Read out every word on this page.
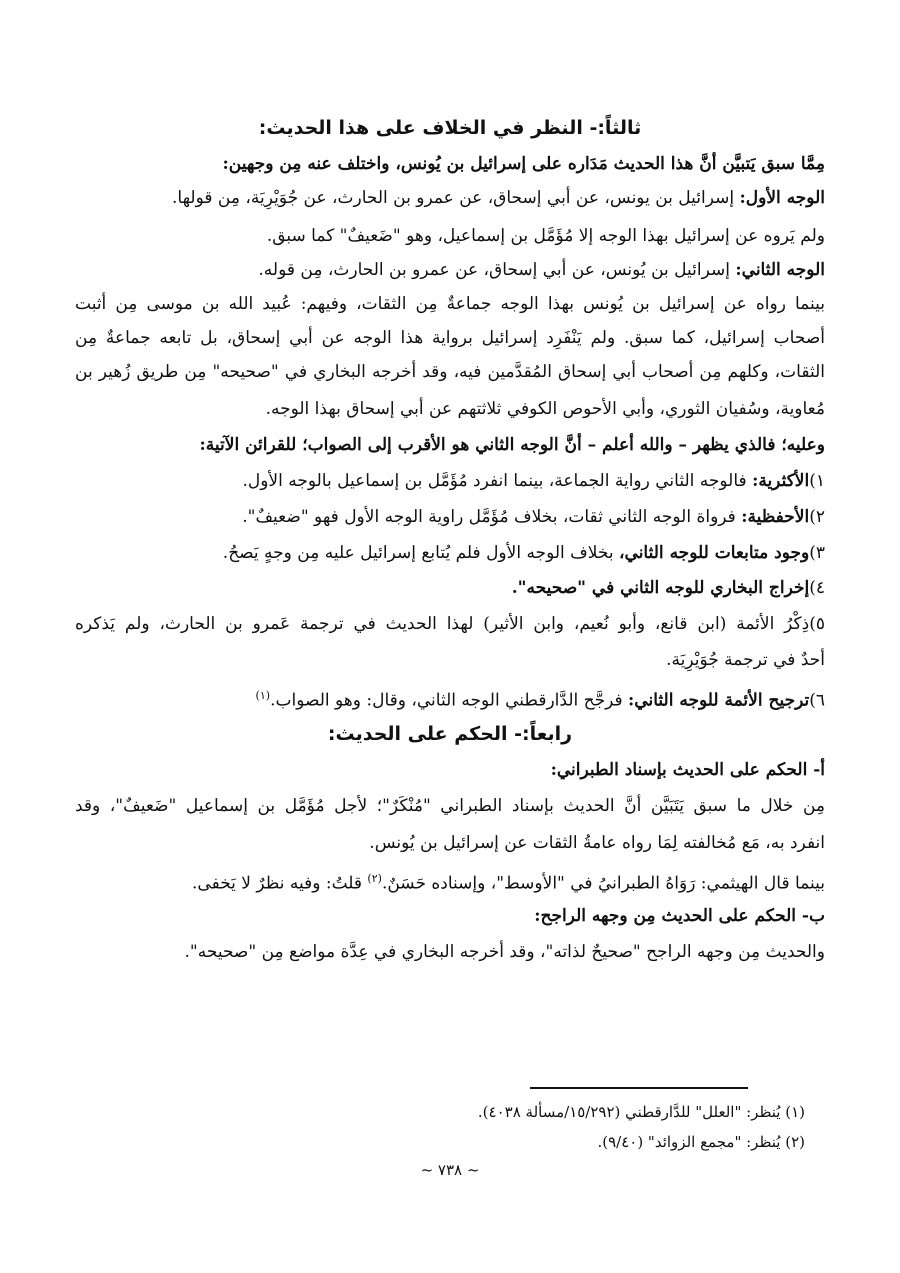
ثالثاً:- النظر في الخلاف على هذا الحديث:
مِمَّا سبق يَتبيَّن أنَّ هذا الحديث مَدَاره على إسرائيل بن يُونس، واختلف عنه مِن وجهين:
الوجه الأول: إسرائيل بن يونس، عن أبي إسحاق، عن عمرو بن الحارث، عن جُوَيْرِيَة، مِن قولها.
ولم يَروه عن إسرائيل بهذا الوجه إلا مُؤَمَّل بن إسماعيل، وهو "ضَعيفٌ" كما سبق.
الوجه الثاني: إسرائيل بن يُونس، عن أبي إسحاق، عن عمرو بن الحارث، مِن قوله.
بينما رواه عن إسرائيل بن يُونس بهذا الوجه جماعةٌ مِن الثقات، وفيهم: عُبيد الله بن موسى مِن أثبت
أصحاب إسرائيل، كما سبق. ولم يَنْفَرِد إسرائيل برواية هذا الوجه عن أبي إسحاق، بل تابعه جماعةٌ مِن
الثقات، وكلهم مِن أصحاب أبي إسحاق المُقدَّمين فيه، وقد أخرجه البخاري في "صحيحه" مِن طريق زُهير بن
مُعاوية، وسُفيان الثوري، وأبي الأحوص الكوفي ثلاثتهم عن أبي إسحاق بهذا الوجه.
وعليه؛ فالذي يظهر – والله أعلم – أنَّ الوجه الثاني هو الأقرب إلى الصواب؛ للقرائن الآتية:
١)الأكثرية: فالوجه الثاني رواية الجماعة، بينما انفرد مُؤَمَّل بن إسماعيل بالوجه الأول.
٢)الأحفظية: فرواة الوجه الثاني ثقات، بخلاف مُؤَمَّل راوية الوجه الأول فهو "ضعيفٌ".
٣)وجود متابعات للوجه الثاني، بخلاف الوجه الأول فلم يُتابع إسرائيل عليه مِن وجهٍ يَصحُ.
٤)إخراج البخاري للوجه الثاني في "صحيحه".
٥)ذِكْرُ الأئمة (ابن قانع، وأبو نُعيم، وابن الأثير) لهذا الحديث في ترجمة عَمرو بن الحارث، ولم يَذكره
أحدٌ في ترجمة جُوَيْرِيَة.
٦)ترجيح الأئمة للوجه الثاني: فرجَّح الدَّارقطني الوجه الثاني، وقال: وهو الصواب.$^{(١)}$
رابعاً:- الحكم على الحديث:
أ- الحكم على الحديث بإسناد الطبراني:
مِن خلال ما سبق يَتَبَيَّن أنَّ الحديث بإسناد الطبراني "مُنْكَرٌ"؛ لأجل مُؤَمَّل بن إسماعيل "ضَعيفٌ"، وقد
انفرد به، مَع مُخالفته لِمَا رواه عامةُ الثقات عن إسرائيل بن يُونس.
بينما قال الهيثمي: رَوَاهُ الطبرانيُ في "الأوسط"، وإسناده حَسَنٌ.$^{(٢)}$ قلتُ: وفيه نظرٌ لا يَخفى.
ب- الحكم على الحديث مِن وجهه الراجح:
والحديث مِن وجهه الراجح "صحيحٌ لذاته"، وقد أخرجه البخاري في عِدَّة مواضع مِن "صحيحه".
(١) يُنظر: "العلل" للدَّارقطني (١٥/٢٩٢/مسألة ٤٠٣٨).
(٢) يُنظر: "مجمع الزوائد" (٩/٤٠).
~ ٧٣٨ ~
